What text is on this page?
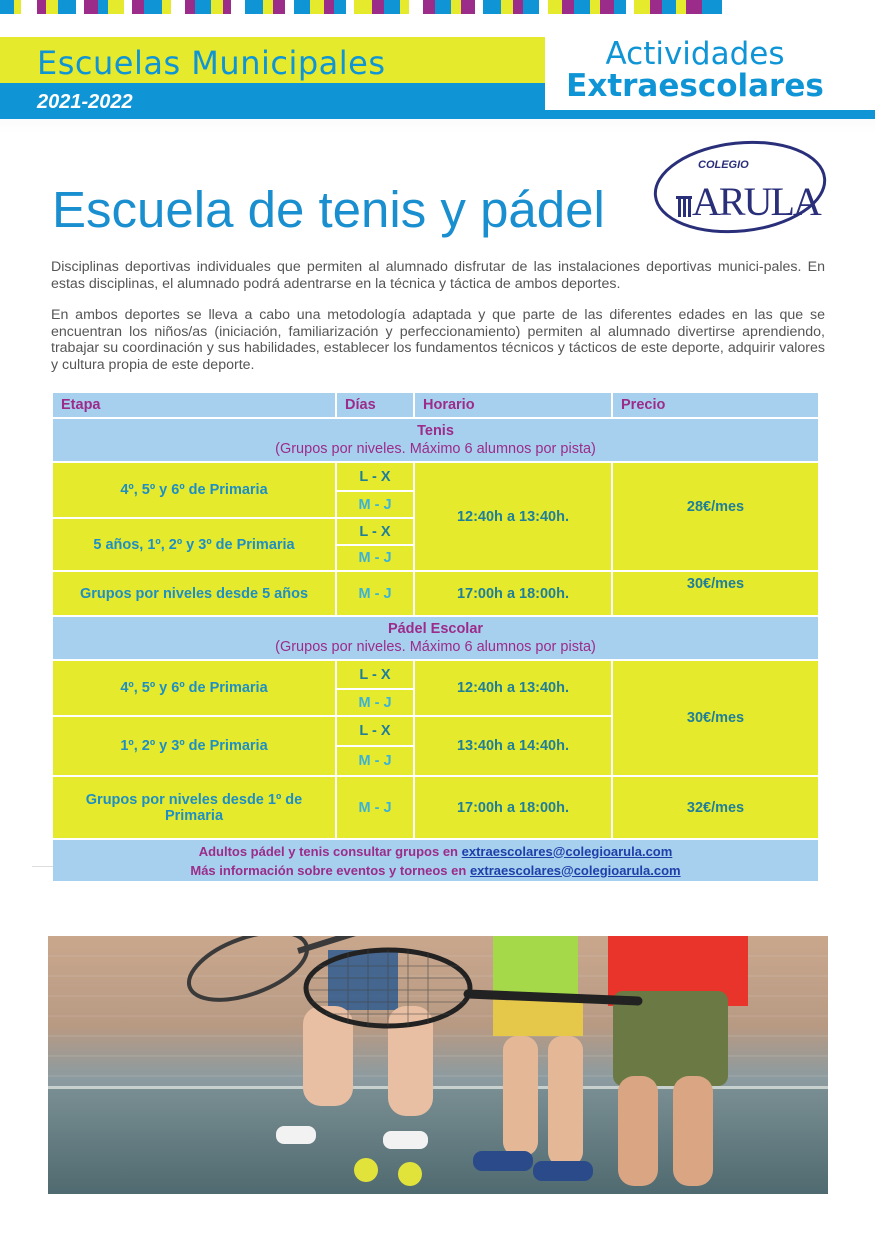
Escuelas Municipales
2021-2022
Actividades
Extraescolares
COLEGIO
ARULA
Escuela de tenis y pádel
Disciplinas deportivas individuales que permiten al alumnado disfrutar de las instalaciones deportivas munici-pales. En estas disciplinas, el alumnado podrá adentrarse en la técnica y táctica de ambos deportes.
En ambos deportes se lleva a cabo una metodología adaptada y que parte de las diferentes edades en las que se encuentran los niños/as (iniciación, familiarización y perfeccionamiento) permiten al alumnado divertirse aprendiendo, trabajar su coordinación y sus habilidades, establecer los fundamentos técnicos y tácticos de este deporte, adquirir valores y cultura propia de este deporte.
Etapa	Días	Horario	Precio
Tenis
(Grupos por niveles. Máximo 6 alumnos por pista)			
4º, 5º y 6º de Primaria	L - X	12:40h a 13:40h.	28€/mes
	M - J		
5 años, 1º, 2º y 3º de Primaria	L - X		
	M - J		
Grupos por niveles desde 5 años	M - J	17:00h a 18:00h.	30€/mes
Pádel Escolar
(Grupos por niveles. Máximo 6 alumnos por pista)			
4º, 5º y 6º de Primaria	L - X	12:40h a 13:40h.	30€/mes
	M - J		
1º, 2º y 3º de Primaria	L - X	13:40h a 14:40h.	
	M - J		
Grupos por niveles desde 1º de Primaria	M - J	17:00h a 18:00h.	32€/mes
Adultos pádel y tenis consultar grupos en extraescolares@colegioarula.com
Más información sobre eventos y torneos en extraescolares@colegioarula.com			
